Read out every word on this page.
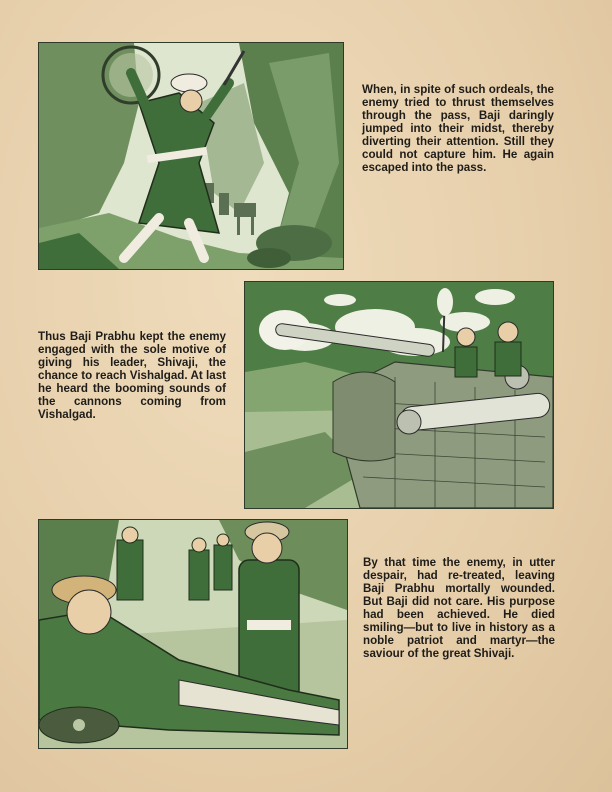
When, in spite of such ordeals, the enemy tried to thrust themselves through the pass, Baji daringly jumped into their midst, thereby diverting their attention. Still they could not capture him. He again escaped into the pass.

Thus Baji Prabhu kept the enemy engaged with the sole motive of giving his leader, Shivaji, the chance to reach Vishalgad. At last he heard the booming sounds of the cannons coming from Vishalgad.

By that time the enemy, in utter despair, had re-treated, leaving Baji Prabhu mortally wounded. But Baji did not care. His purpose had been achieved. He died smiling—but to live in history as a noble patriot and martyr—the saviour of the great Shivaji.
